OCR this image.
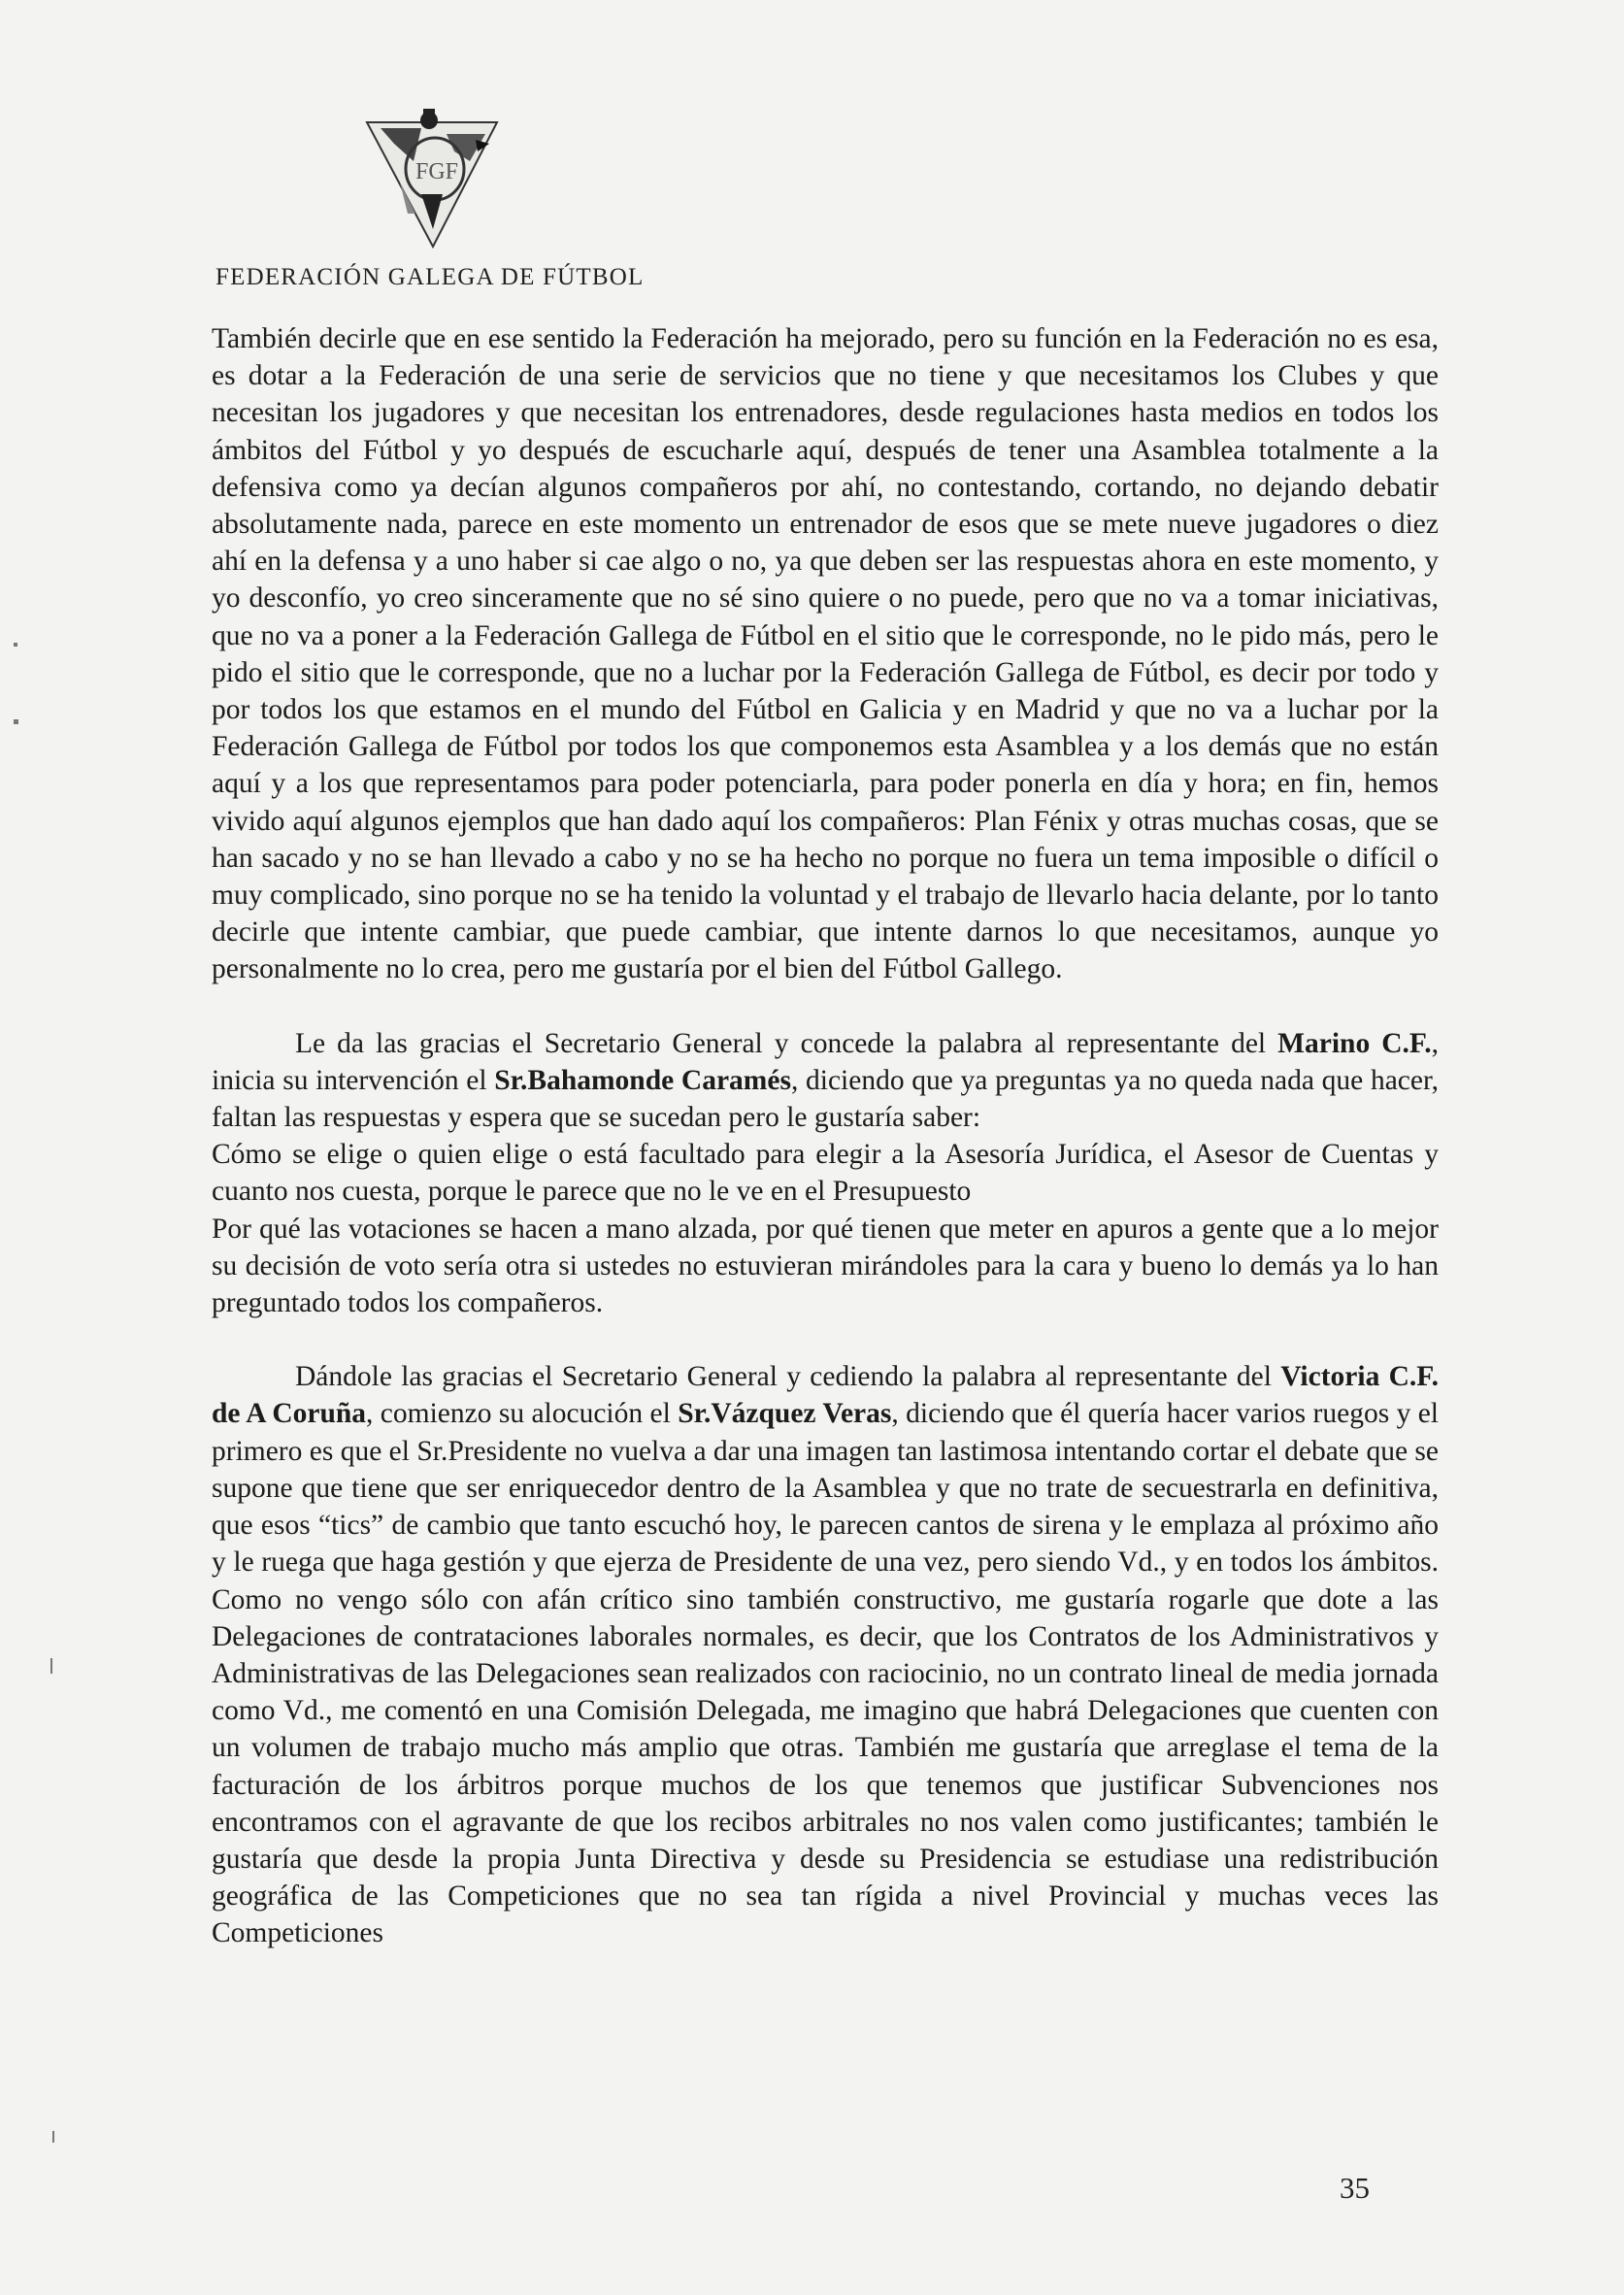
FGF
FEDERACIÓN GALEGA DE FÚTBOL

También decirle que en ese sentido la Federación ha mejorado, pero su función en la Federación no es esa, es dotar a la Federación de una serie de servicios que no tiene y que necesitamos los Clubes y que necesitan los jugadores y que necesitan los entrenadores, desde regulaciones hasta medios en todos los ámbitos del Fútbol y yo después de escucharle aquí, después de tener una Asamblea totalmente a la defensiva como ya decían algunos compañeros por ahí, no contestando, cortando, no dejando debatir absolutamente nada, parece en este momento un entrenador de esos que se mete nueve jugadores o diez ahí en la defensa y a uno haber si cae algo o no, ya que deben ser las respuestas ahora en este momento, y yo desconfío, yo creo sinceramente que no sé sino quiere o no puede, pero que no va a tomar iniciativas, que no va a poner a la Federación Gallega de Fútbol en el sitio que le corresponde, no le pido más, pero le pido el sitio que le corresponde, que no a luchar por la Federación Gallega de Fútbol, es decir por todo y por todos los que estamos en el mundo del Fútbol en Galicia y en Madrid y que no va a luchar por la Federación Gallega de Fútbol por todos los que componemos esta Asamblea y a los demás que no están aquí y a los que representamos para poder potenciarla, para poder ponerla en día y hora; en fin, hemos vivido aquí algunos ejemplos que han dado aquí los compañeros: Plan Fénix y otras muchas cosas, que se han sacado y no se han llevado a cabo y no se ha hecho no porque no fuera un tema imposible o difícil o muy complicado, sino porque no se ha tenido la voluntad y el trabajo de llevarlo hacia delante, por lo tanto decirle que intente cambiar, que puede cambiar, que intente darnos lo que necesitamos, aunque yo personalmente no lo crea, pero me gustaría por el bien del Fútbol Gallego.

Le da las gracias el Secretario General y concede la palabra al representante del Marino C.F., inicia su intervención el Sr.Bahamonde Caramés, diciendo que ya preguntas ya no queda nada que hacer, faltan las respuestas y espera que se sucedan pero le gustaría saber:

Cómo se elige o quien elige o está facultado para elegir a la Asesoría Jurídica, el Asesor de Cuentas y cuanto nos cuesta, porque le parece que no le ve en el Presupuesto

Por qué las votaciones se hacen a mano alzada, por qué tienen que meter en apuros a gente que a lo mejor su decisión de voto sería otra si ustedes no estuvieran mirándoles para la cara y bueno lo demás ya lo han preguntado todos los compañeros.

Dándole las gracias el Secretario General y cediendo la palabra al representante del Victoria C.F. de A Coruña, comienzo su alocución el Sr.Vázquez Veras, diciendo que él quería hacer varios ruegos y el primero es que el Sr.Presidente no vuelva a dar una imagen tan lastimosa intentando cortar el debate que se supone que tiene que ser enriquecedor dentro de la Asamblea y que no trate de secuestrarla en definitiva, que esos “tics” de cambio que tanto escuchó hoy, le parecen cantos de sirena y le emplaza al próximo año y le ruega que haga gestión y que ejerza de Presidente de una vez, pero siendo Vd., y en todos los ámbitos. Como no vengo sólo con afán crítico sino también constructivo, me gustaría rogarle que dote a las Delegaciones de contrataciones laborales normales, es decir, que los Contratos de los Administrativos y Administrativas de las Delegaciones sean realizados con raciocinio, no un contrato lineal de media jornada como Vd., me comentó en una Comisión Delegada, me imagino que habrá Delegaciones que cuenten con un volumen de trabajo mucho más amplio que otras. También me gustaría que arreglase el tema de la facturación de los árbitros porque muchos de los que tenemos que justificar Subvenciones nos encontramos con el agravante de que los recibos arbitrales no nos valen como justificantes; también le gustaría que desde la propia Junta Directiva y desde su Presidencia se estudiase una redistribución geográfica de las Competiciones que no sea tan rígida a nivel Provincial y muchas veces las Competiciones

35
